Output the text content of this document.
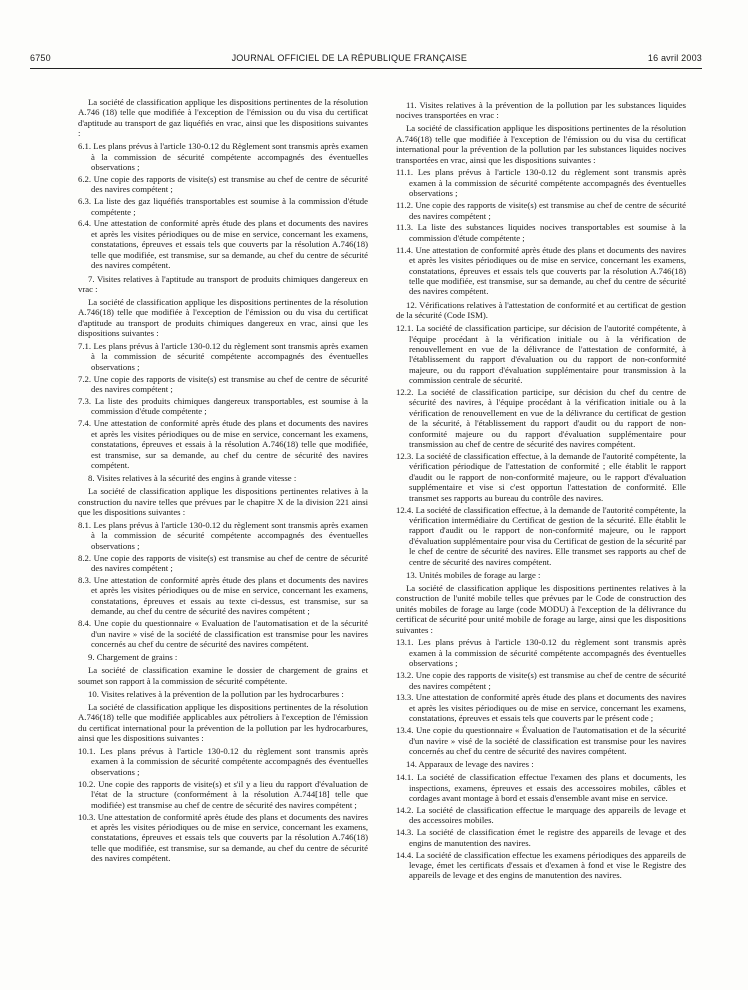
6750	JOURNAL OFFICIEL DE LA RÉPUBLIQUE FRANÇAISE	16 avril 2003

La société de classification applique les dispositions pertinentes de la résolution A.746 (18) telle que modifiée à l'exception de l'émission ou du visa du certificat d'aptitude au transport de gaz liquéfiés en vrac, ainsi que les dispositions suivantes :

6.1. Les plans prévus à l'article 130-0.12 du Règlement sont transmis après examen à la commission de sécurité compétente accompagnés des éventuelles observations ;
6.2. Une copie des rapports de visite(s) est transmise au chef de centre de sécurité des navires compétent ;
6.3. La liste des gaz liquéfiés transportables est soumise à la commission d'étude compétente ;
6.4. Une attestation de conformité après étude des plans et documents des navires et après les visites périodiques ou de mise en service, concernant les examens, constatations, épreuves et essais tels que couverts par la résolution A.746(18) telle que modifiée, est transmise, sur sa demande, au chef du centre de sécurité des navires compétent.

7. Visites relatives à l'aptitude au transport de produits chimiques dangereux en vrac :

La société de classification applique les dispositions pertinentes de la résolution A.746(18) telle que modifiée à l'exception de l'émission ou du visa du certificat d'aptitude au transport de produits chimiques dangereux en vrac, ainsi que les dispositions suivantes :

7.1. Les plans prévus à l'article 130-0.12 du règlement sont transmis après examen à la commission de sécurité compétente accompagnés des éventuelles observations ;
7.2. Une copie des rapports de visite(s) est transmise au chef de centre de sécurité des navires compétent ;
7.3. La liste des produits chimiques dangereux transportables, est soumise à la commission d'étude compétente ;
7.4. Une attestation de conformité après étude des plans et documents des navires et après les visites périodiques ou de mise en service, concernant les examens, constatations, épreuves et essais à la résolution A.746(18) telle que modifiée, est transmise, sur sa demande, au chef du centre de sécurité des navires compétent.

8. Visites relatives à la sécurité des engins à grande vitesse :

La société de classification applique les dispositions pertinentes relatives à la construction du navire telles que prévues par le chapitre X de la division 221 ainsi que les dispositions suivantes :

8.1. Les plans prévus à l'article 130-0.12 du règlement sont transmis après examen à la commission de sécurité compétente accompagnés des éventuelles observations ;
8.2. Une copie des rapports de visite(s) est transmise au chef de centre de sécurité des navires compétent ;
8.3. Une attestation de conformité après étude des plans et documents des navires et après les visites périodiques ou de mise en service, concernant les examens, constatations, épreuves et essais au texte ci-dessus, est transmise, sur sa demande, au chef du centre de sécurité des navires compétent ;
8.4. Une copie du questionnaire « Evaluation de l'automatisation et de la sécurité d'un navire » visé de la société de classification est transmise pour les navires concernés au chef du centre de sécurité des navires compétent.

9. Chargement de grains :

La société de classification examine le dossier de chargement de grains et soumet son rapport à la commission de sécurité compétente.

10. Visites relatives à la prévention de la pollution par les hydrocarbures :

La société de classification applique les dispositions pertinentes de la résolution A.746(18) telle que modifiée applicables aux pétroliers à l'exception de l'émission du certificat international pour la prévention de la pollution par les hydrocarbures, ainsi que les dispositions suivantes :

10.1. Les plans prévus à l'article 130-0.12 du règlement sont transmis après examen à la commission de sécurité compétente accompagnés des éventuelles observations ;
10.2. Une copie des rapports de visite(s) et s'il y a lieu du rapport d'évaluation de l'état de la structure (conformément à la résolution A.744[18] telle que modifiée) est transmise au chef de centre de sécurité des navires compétent ;
10.3. Une attestation de conformité après étude des plans et documents des navires et après les visites périodiques ou de mise en service, concernant les examens, constatations, épreuves et essais tels que couverts par la résolution A.746(18) telle que modifiée, est transmise, sur sa demande, au chef du centre de sécurité des navires compétent.

11. Visites relatives à la prévention de la pollution par les substances liquides nocives transportées en vrac :

La société de classification applique les dispositions pertinentes de la résolution A.746(18) telle que modifiée à l'exception de l'émission ou du visa du certificat international pour la prévention de la pollution par les substances liquides nocives transportées en vrac, ainsi que les dispositions suivantes :

11.1. Les plans prévus à l'article 130-0.12 du règlement sont transmis après examen à la commission de sécurité compétente accompagnés des éventuelles observations ;
11.2. Une copie des rapports de visite(s) est transmise au chef de centre de sécurité des navires compétent ;
11.3. La liste des substances liquides nocives transportables est soumise à la commission d'étude compétente ;
11.4. Une attestation de conformité après étude des plans et documents des navires et après les visites périodiques ou de mise en service, concernant les examens, constatations, épreuves et essais tels que couverts par la résolution A.746(18) telle que modifiée, est transmise, sur sa demande, au chef du centre de sécurité des navires compétent.

12. Vérifications relatives à l'attestation de conformité et au certificat de gestion de la sécurité (Code ISM).

12.1. La société de classification participe, sur décision de l'autorité compétente, à l'équipe procédant à la vérification initiale ou à la vérification de renouvellement en vue de la délivrance de l'attestation de conformité, à l'établissement du rapport d'évaluation ou du rapport de non-conformité majeure, ou du rapport d'évaluation supplémentaire pour transmission à la commission centrale de sécurité.
12.2. La société de classification participe, sur décision du chef du centre de sécurité des navires, à l'équipe procédant à la vérification initiale ou à la vérification de renouvellement en vue de la délivrance du certificat de gestion de la sécurité, à l'établissement du rapport d'audit ou du rapport de non-conformité majeure ou du rapport d'évaluation supplémentaire pour transmission au chef de centre de sécurité des navires compétent.
12.3. La société de classification effectue, à la demande de l'autorité compétente, la vérification périodique de l'attestation de conformité ; elle établit le rapport d'audit ou le rapport de non-conformité majeure, ou le rapport d'évaluation supplémentaire et vise si c'est opportun l'attestation de conformité. Elle transmet ses rapports au bureau du contrôle des navires.
12.4. La société de classification effectue, à la demande de l'autorité compétente, la vérification intermédiaire du Certificat de gestion de la sécurité. Elle établit le rapport d'audit ou le rapport de non-conformité majeure, ou le rapport d'évaluation supplémentaire pour visa du Certificat de gestion de la sécurité par le chef de centre de sécurité des navires. Elle transmet ses rapports au chef de centre de sécurité des navires compétent.

13. Unités mobiles de forage au large :

La société de classification applique les dispositions pertinentes relatives à la construction de l'unité mobile telles que prévues par le Code de construction des unités mobiles de forage au large (code MODU) à l'exception de la délivrance du certificat de sécurité pour unité mobile de forage au large, ainsi que les dispositions suivantes :

13.1. Les plans prévus à l'article 130-0.12 du règlement sont transmis après examen à la commission de sécurité compétente accompagnés des éventuelles observations ;
13.2. Une copie des rapports de visite(s) est transmise au chef de centre de sécurité des navires compétent ;
13.3. Une attestation de conformité après étude des plans et documents des navires et après les visites périodiques ou de mise en service, concernant les examens, constatations, épreuves et essais tels que couverts par le présent code ;
13.4. Une copie du questionnaire « Évaluation de l'automatisation et de la sécurité d'un navire » visé de la société de classification est transmise pour les navires concernés au chef du centre de sécurité des navires compétent.

14. Apparaux de levage des navires :

14.1. La société de classification effectue l'examen des plans et documents, les inspections, examens, épreuves et essais des accessoires mobiles, câbles et cordages avant montage à bord et essais d'ensemble avant mise en service.
14.2. La société de classification effectue le marquage des appareils de levage et des accessoires mobiles.
14.3. La société de classification émet le registre des appareils de levage et des engins de manutention des navires.
14.4. La société de classification effectue les examens périodiques des appareils de levage, émet les certificats d'essais et d'examen à fond et vise le Registre des appareils de levage et des engins de manutention des navires.
